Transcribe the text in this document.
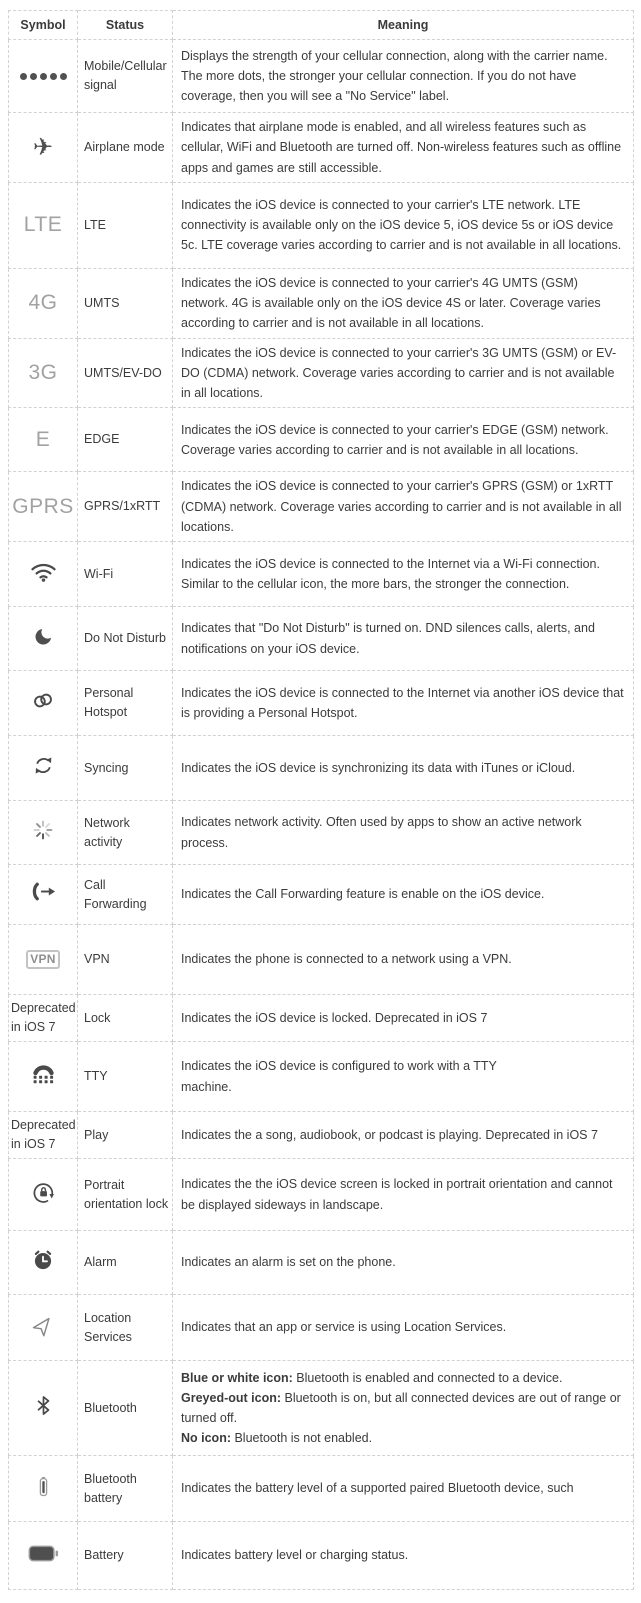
Symbol	Status	Meaning

	Mobile/Cellular signal	Displays the strength of your cellular connection, along with the carrier name. The more dots, the stronger your cellular connection. If you do not have coverage, then you will see a "No Service" label.

✈	Airplane mode	Indicates that airplane mode is enabled, and all wireless features such as cellular, WiFi and Bluetooth are turned off. Non-wireless features such as offline apps and games are still accessible.

LTE	LTE	Indicates the iOS device is connected to your carrier's LTE network. LTE connectivity is available only on the iOS device 5, iOS device 5s or iOS device 5c. LTE coverage varies according to carrier and is not available in all locations.

4G	UMTS	Indicates the iOS device is connected to your carrier's 4G UMTS (GSM) network. 4G is available only on the iOS device 4S or later. Coverage varies according to carrier and is not available in all locations.

3G	UMTS/EV-DO	Indicates the iOS device is connected to your carrier's 3G UMTS (GSM) or EV-DO (CDMA) network. Coverage varies according to carrier and is not available in all locations.

E	EDGE	Indicates the iOS device is connected to your carrier's EDGE (GSM) network. Coverage varies according to carrier and is not available in all locations.

GPRS	GPRS/1xRTT	Indicates the iOS device is connected to your carrier's GPRS (GSM) or 1xRTT (CDMA) network. Coverage varies according to carrier and is not available in all locations.

	Wi-Fi	Indicates the iOS device is connected to the Internet via a Wi-Fi connection. Similar to the cellular icon, the more bars, the stronger the connection.

	Do Not Disturb	Indicates that "Do Not Disturb" is turned on. DND silences calls, alerts, and notifications on your iOS device.

	Personal Hotspot	Indicates the iOS device is connected to the Internet via another iOS device that is providing a Personal Hotspot.

	Syncing	Indicates the iOS device is synchronizing its data with iTunes or iCloud.

	Network activity	Indicates network activity. Often used by apps to show an active network process.

	Call Forwarding	Indicates the Call Forwarding feature is enable on the iOS device.

VPN	VPN	Indicates the phone is connected to a network using a VPN.

Deprecated in iOS 7	Lock	Indicates the iOS device is locked. Deprecated in iOS 7

	TTY	Indicates the iOS device is configured to work with a TTY
machine.

Deprecated in iOS 7	Play	Indicates the a song, audiobook, or podcast is playing. Deprecated in iOS 7

	Portrait orientation lock	Indicates the the iOS device screen is locked in portrait orientation and cannot be displayed sideways in landscape.

	Alarm	Indicates an alarm is set on the phone.

	Location Services	Indicates that an app or service is using Location Services.

	Bluetooth	Blue or white icon: Bluetooth is enabled and connected to a device.
Greyed-out icon: Bluetooth is on, but all connected devices are out of range or turned off.
No icon: Bluetooth is not enabled.

	Bluetooth battery	Indicates the battery level of a supported paired Bluetooth device, such

	Battery	Indicates battery level or charging status.
